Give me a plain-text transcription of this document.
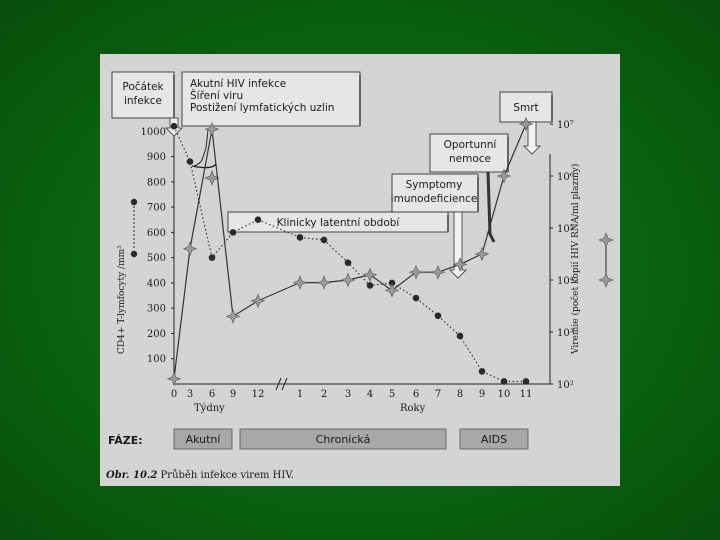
100
200
300
400
500
600
700
800
900
1000
10²
10³
10⁴
10⁵
10⁶
10⁷
0 3 6 9 12	1 2 3 4 5 6 7 8 9 10 11
Týdny	Roky
CD4+ T-lymfocyty /mm³	Viremie (počet kopií HIV RNA/ml plazmy)
Počátek
infekce
Akutní HIV infekce
Šíření viru
Postižení lymfatických uzlin
Klinicky latentní období
Symptomy
imunodeficience
Oportunní
nemoce
Smrt
FÁZE:	Akutní	Chronická	AIDS
Obr. 10.2 Průběh infekce virem HIV.
